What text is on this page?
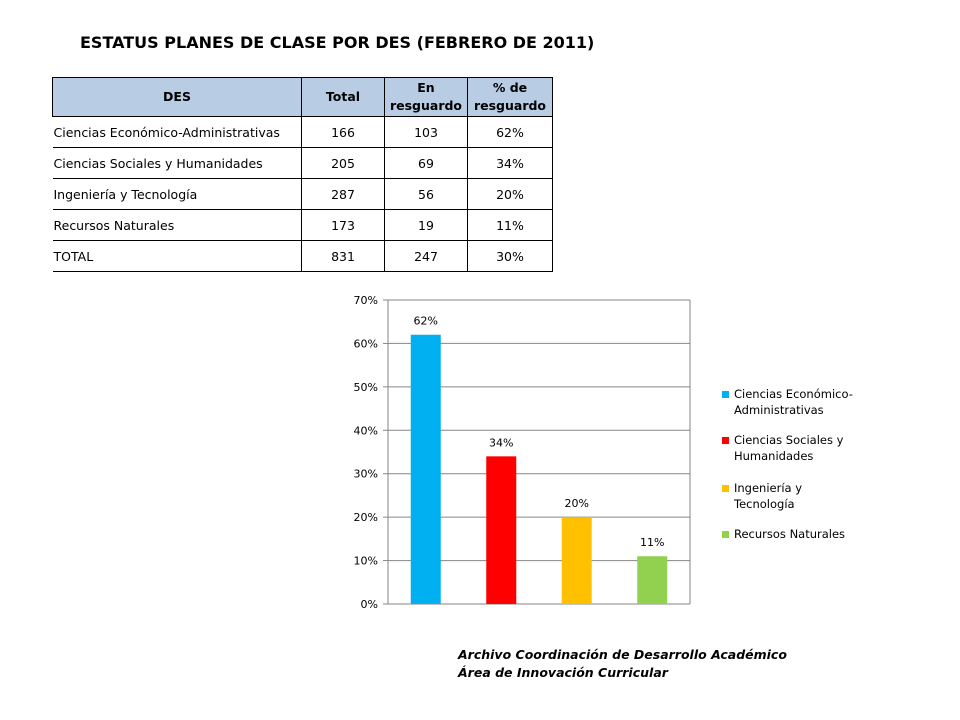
ESTATUS PLANES DE CLASE POR DES (FEBRERO DE 2011)
DES	Total	En resguardo	% de resguardo
Ciencias Económico-Administrativas	166	103	62%
Ciencias Sociales y Humanidades	205	69	34%
Ingeniería y Tecnología	287	56	20%
Recursos Naturales	173	19	11%
TOTAL	831	247	30%
0%
10%
20%
30%
40%
50%
60%
70%
62%
34%
20%
11%
Ciencias Económico-
Administrativas
Ciencias Sociales y
Humanidades
Ingeniería y
Tecnología
Recursos Naturales
Archivo Coordinación de Desarrollo Académico
Área de Innovación Curricular
